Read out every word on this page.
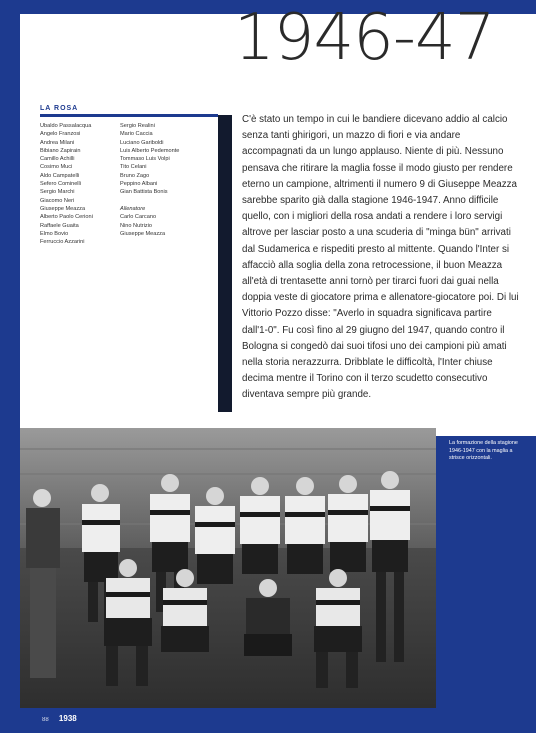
1946-47
LA ROSA
Ubaldo Passalacqua
Angelo Franzosi
Andrea Milani
Bibiano Zapirain
Camillo Achilli
Cosimo Muci
Aldo Campatelli
Sefero Cominelli
Sergio Marchi
Giacomo Neri
Giuseppe Meazza
Alberto Paolo Cerioni
Raffaele Guaita
Elmo Bovio
Ferruccio Azzarini
Sergio Realini
Mario Caccia
Luciano Gariboldi
Luis Alberto Pedemonte
Tommaso Luis Volpi
Tito Celani
Bruno Zago
Peppino Albani
Gian Battista Bonis
Allenatore
Carlo Carcano
Nino Nutrizio
Giuseppe Meazza
C'è stato un tempo in cui le bandiere dicevano addio al calcio senza tanti ghirigori, un mazzo di fiori e via andare accompagnati da un lungo applauso. Niente di più. Nessuno pensava che ritirare la maglia fosse il modo giusto per rendere eterno un campione, altrimenti il numero 9 di Giuseppe Meazza sarebbe sparito già dalla stagione 1946-1947. Anno difficile quello, con i migliori della rosa andati a rendere i loro servigi altrove per lasciar posto a una scuderia di "minga bün" arrivati dal Sudamerica e rispediti presto al mittente. Quando l'Inter si affacciò alla soglia della zona retrocessione, il buon Meazza all'età di trentasette anni tornò per tirarci fuori dai guai nella doppia veste di giocatore prima e allenatore-giocatore poi. Di lui Vittorio Pozzo disse: "Averlo in squadra significava partire dall'1-0". Fu così fino al 29 giugno del 1947, quando contro il Bologna si congedò dai suoi tifosi uno dei campioni più amati nella storia nerazzurra. Dribblate le difficoltà, l'Inter chiuse decima mentre il Torino con il terzo scudetto consecutivo diventava sempre più grande.
La formazione della stagione 1946-1947 con la maglia a strisce orizzontali.
88 1938
